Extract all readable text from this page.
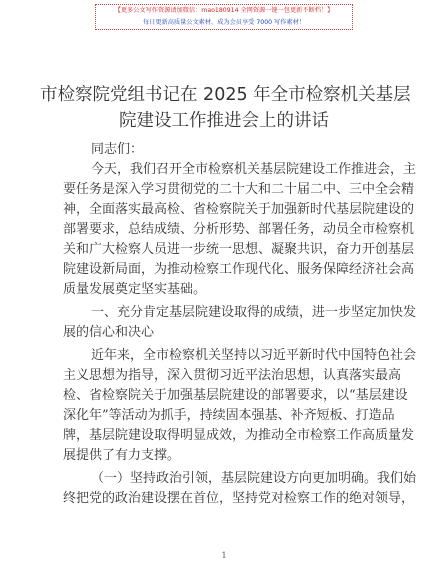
【更多公文写作资源请加微信：mao180914 全网资源一键一包更新不断档！】
每日更新高质量公文素材，成为会员享受 7000 写作素材！
市检察院党组书记在 2025 年全市检察机关基层
院建设工作推进会上的讲话
同志们：
今天，我们召开全市检察机关基层院建设工作推进会，主
要任务是深入学习贯彻党的二十大和二十届二中、三中全会精
神，全面落实最高检、省检察院关于加强新时代基层院建设的
部署要求，总结成绩、分析形势、部署任务，动员全市检察机
关和广大检察人员进一步统一思想、凝聚共识，奋力开创基层
院建设新局面，为推动检察工作现代化、服务保障经济社会高
质量发展奠定坚实基础。
一、充分肯定基层院建设取得的成绩，进一步坚定加快发
展的信心和决心
近年来，全市检察机关坚持以习近平新时代中国特色社会
主义思想为指导，深入贯彻习近平法治思想，认真落实最高
检、省检察院关于加强基层院建设的部署要求，以“基层建设
深化年”等活动为抓手，持续固本强基、补齐短板、打造品
牌，基层院建设取得明显成效，为推动全市检察工作高质量发
展提供了有力支撑。
（一）坚持政治引领，基层院建设方向更加明确。我们始
终把党的政治建设摆在首位，坚持党对检察工作的绝对领导，
1
